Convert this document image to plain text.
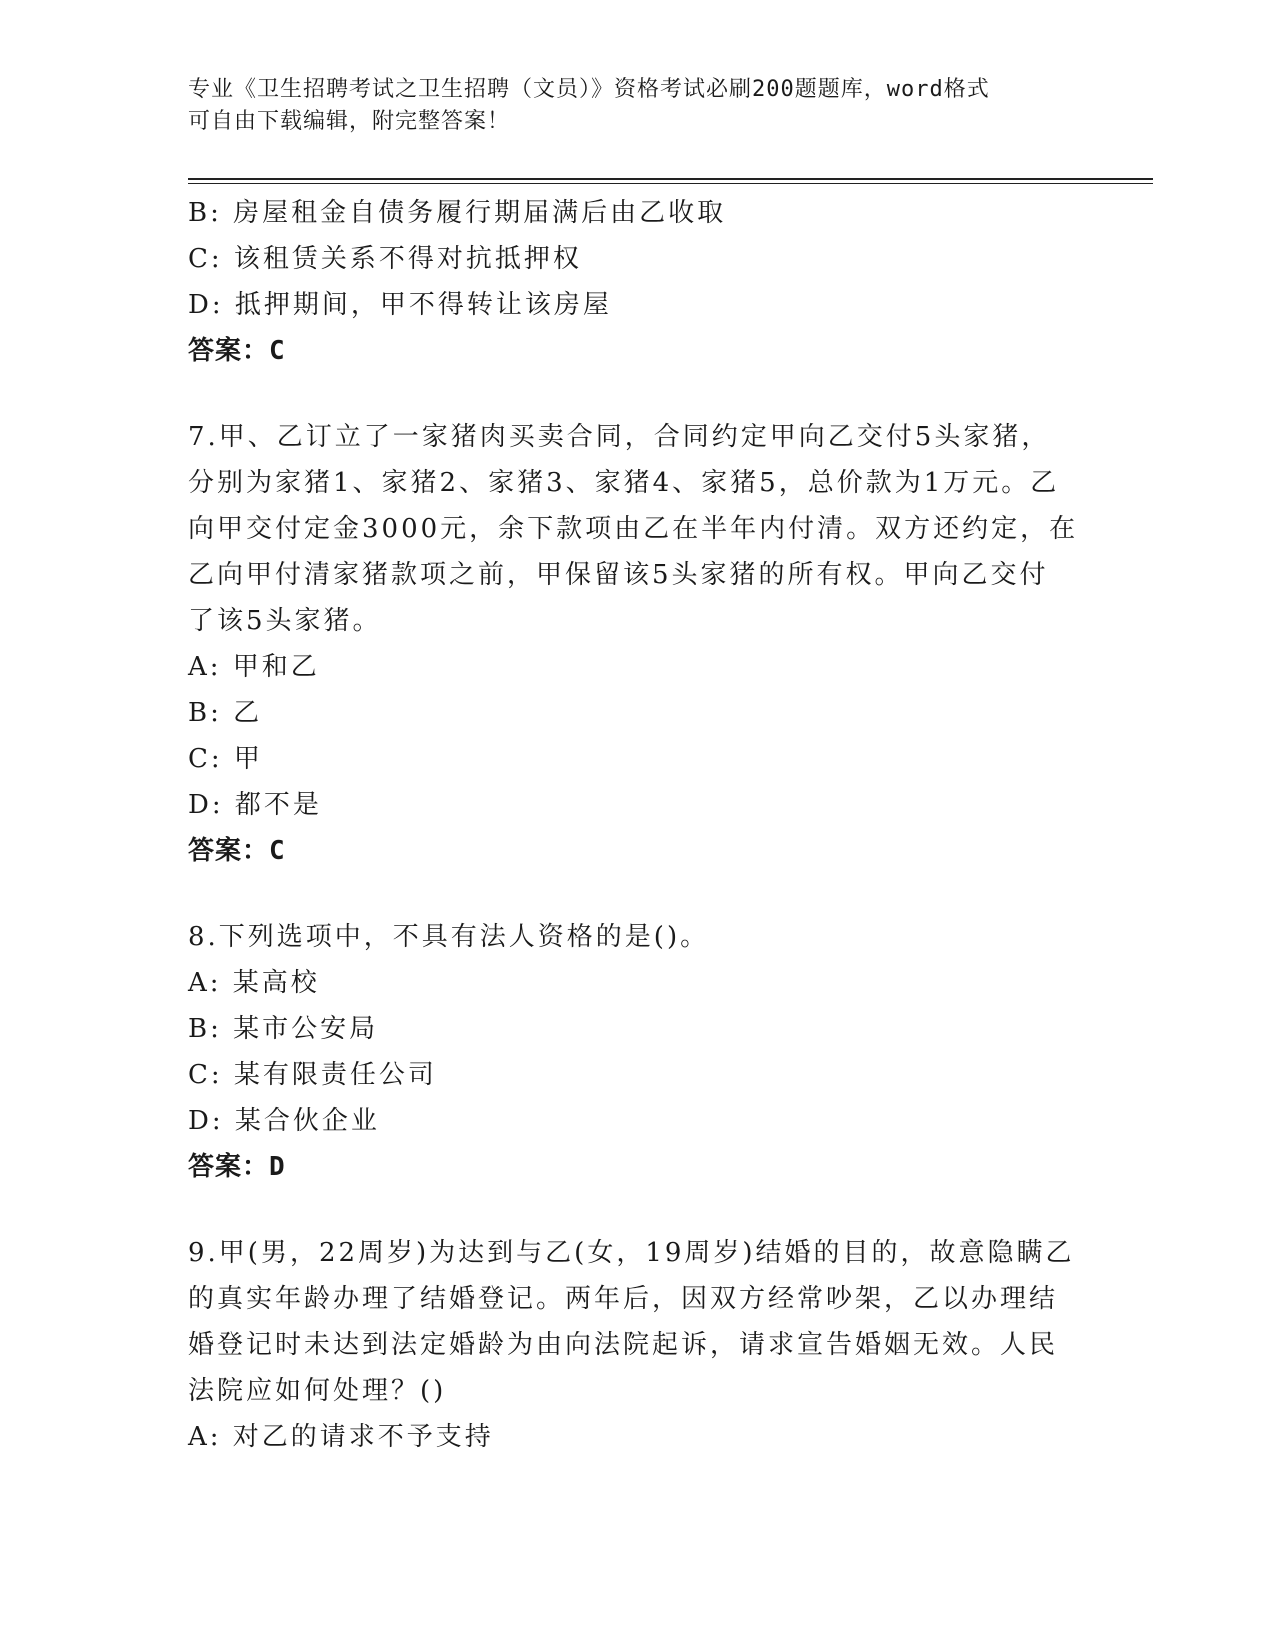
专业《卫生招聘考试之卫生招聘（文员）》资格考试必刷200题题库，word格式
可自由下载编辑，附完整答案！
B: 房屋租金自债务履行期届满后由乙收取
C: 该租赁关系不得对抗抵押权
D: 抵押期间，甲不得转让该房屋
答案：C
7.甲、乙订立了一家猪肉买卖合同，合同约定甲向乙交付5头家猪，
分别为家猪1、家猪2、家猪3、家猪4、家猪5，总价款为1万元。乙
向甲交付定金3000元，余下款项由乙在半年内付清。双方还约定，在
乙向甲付清家猪款项之前，甲保留该5头家猪的所有权。甲向乙交付
了该5头家猪。
A: 甲和乙
B: 乙
C: 甲
D: 都不是
答案：C
8.下列选项中，不具有法人资格的是()。
A: 某高校
B: 某市公安局
C: 某有限责任公司
D: 某合伙企业
答案：D
9.甲(男，22周岁)为达到与乙(女，19周岁)结婚的目的，故意隐瞒乙
的真实年龄办理了结婚登记。两年后，因双方经常吵架，乙以办理结
婚登记时未达到法定婚龄为由向法院起诉，请求宣告婚姻无效。人民
法院应如何处理？()
A: 对乙的请求不予支持
